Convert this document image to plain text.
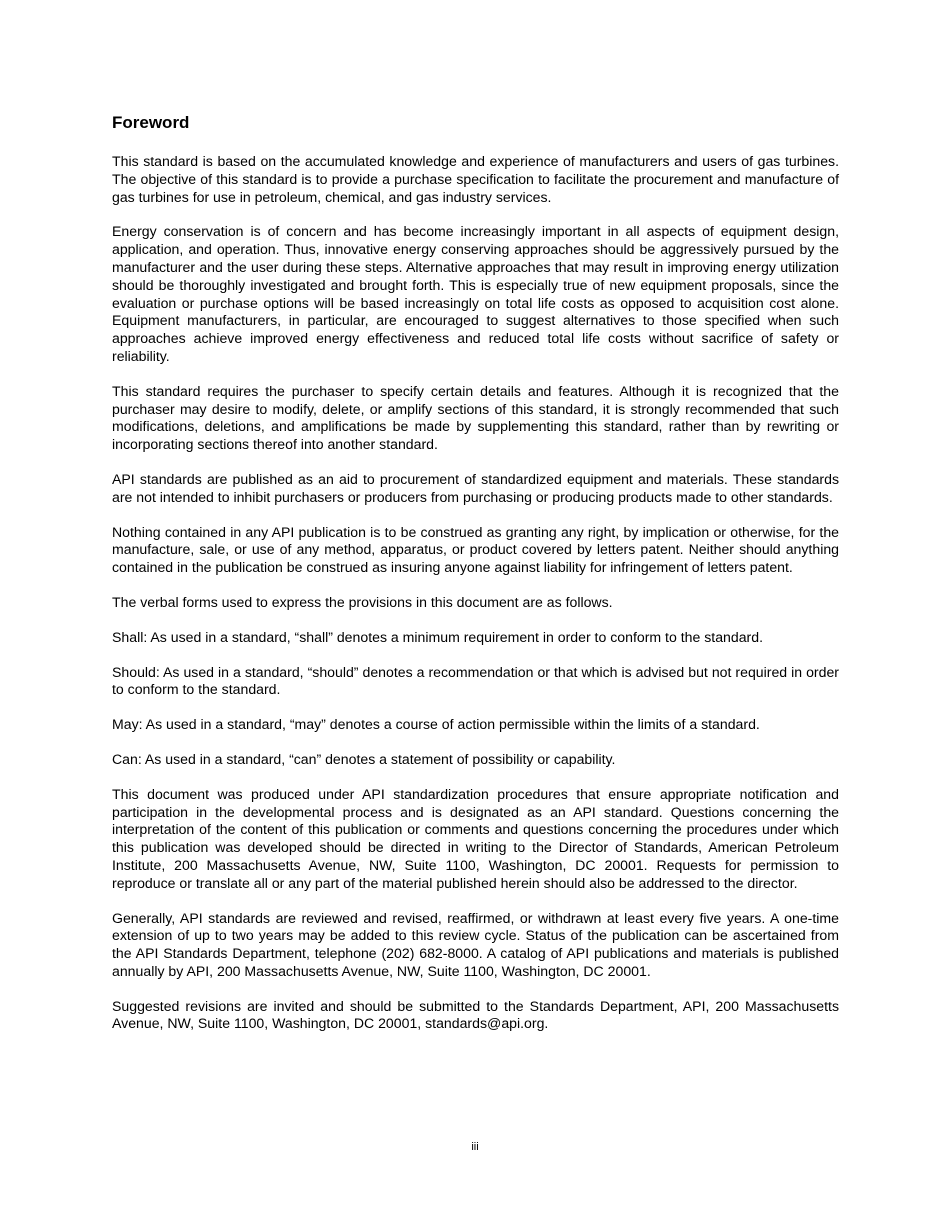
Foreword

This standard is based on the accumulated knowledge and experience of manufacturers and users of gas turbines. The objective of this standard is to provide a purchase specification to facilitate the procurement and manufacture of gas turbines for use in petroleum, chemical, and gas industry services.

Energy conservation is of concern and has become increasingly important in all aspects of equipment design, application, and operation. Thus, innovative energy conserving approaches should be aggressively pursued by the manufacturer and the user during these steps. Alternative approaches that may result in improving energy utilization should be thoroughly investigated and brought forth. This is especially true of new equipment proposals, since the evaluation or purchase options will be based increasingly on total life costs as opposed to acquisition cost alone. Equipment manufacturers, in particular, are encouraged to suggest alternatives to those specified when such approaches achieve improved energy effectiveness and reduced total life costs without sacrifice of safety or reliability.

This standard requires the purchaser to specify certain details and features. Although it is recognized that the purchaser may desire to modify, delete, or amplify sections of this standard, it is strongly recommended that such modifications, deletions, and amplifications be made by supplementing this standard, rather than by rewriting or incorporating sections thereof into another standard.

API standards are published as an aid to procurement of standardized equipment and materials. These standards are not intended to inhibit purchasers or producers from purchasing or producing products made to other standards.

Nothing contained in any API publication is to be construed as granting any right, by implication or otherwise, for the manufacture, sale, or use of any method, apparatus, or product covered by letters patent. Neither should anything contained in the publication be construed as insuring anyone against liability for infringement of letters patent.

The verbal forms used to express the provisions in this document are as follows.

Shall: As used in a standard, “shall” denotes a minimum requirement in order to conform to the standard.

Should: As used in a standard, “should” denotes a recommendation or that which is advised but not required in order to conform to the standard.

May: As used in a standard, “may” denotes a course of action permissible within the limits of a standard.

Can: As used in a standard, “can” denotes a statement of possibility or capability.

This document was produced under API standardization procedures that ensure appropriate notification and participation in the developmental process and is designated as an API standard. Questions concerning the interpretation of the content of this publication or comments and questions concerning the procedures under which this publication was developed should be directed in writing to the Director of Standards, American Petroleum Institute, 200 Massachusetts Avenue, NW, Suite 1100, Washington, DC 20001. Requests for permission to reproduce or translate all or any part of the material published herein should also be addressed to the director.

Generally, API standards are reviewed and revised, reaffirmed, or withdrawn at least every five years. A one-time extension of up to two years may be added to this review cycle. Status of the publication can be ascertained from the API Standards Department, telephone (202) 682-8000. A catalog of API publications and materials is published annually by API, 200 Massachusetts Avenue, NW, Suite 1100, Washington, DC 20001.

Suggested revisions are invited and should be submitted to the Standards Department, API, 200 Massachusetts Avenue, NW, Suite 1100, Washington, DC 20001, standards@api.org.

iii
